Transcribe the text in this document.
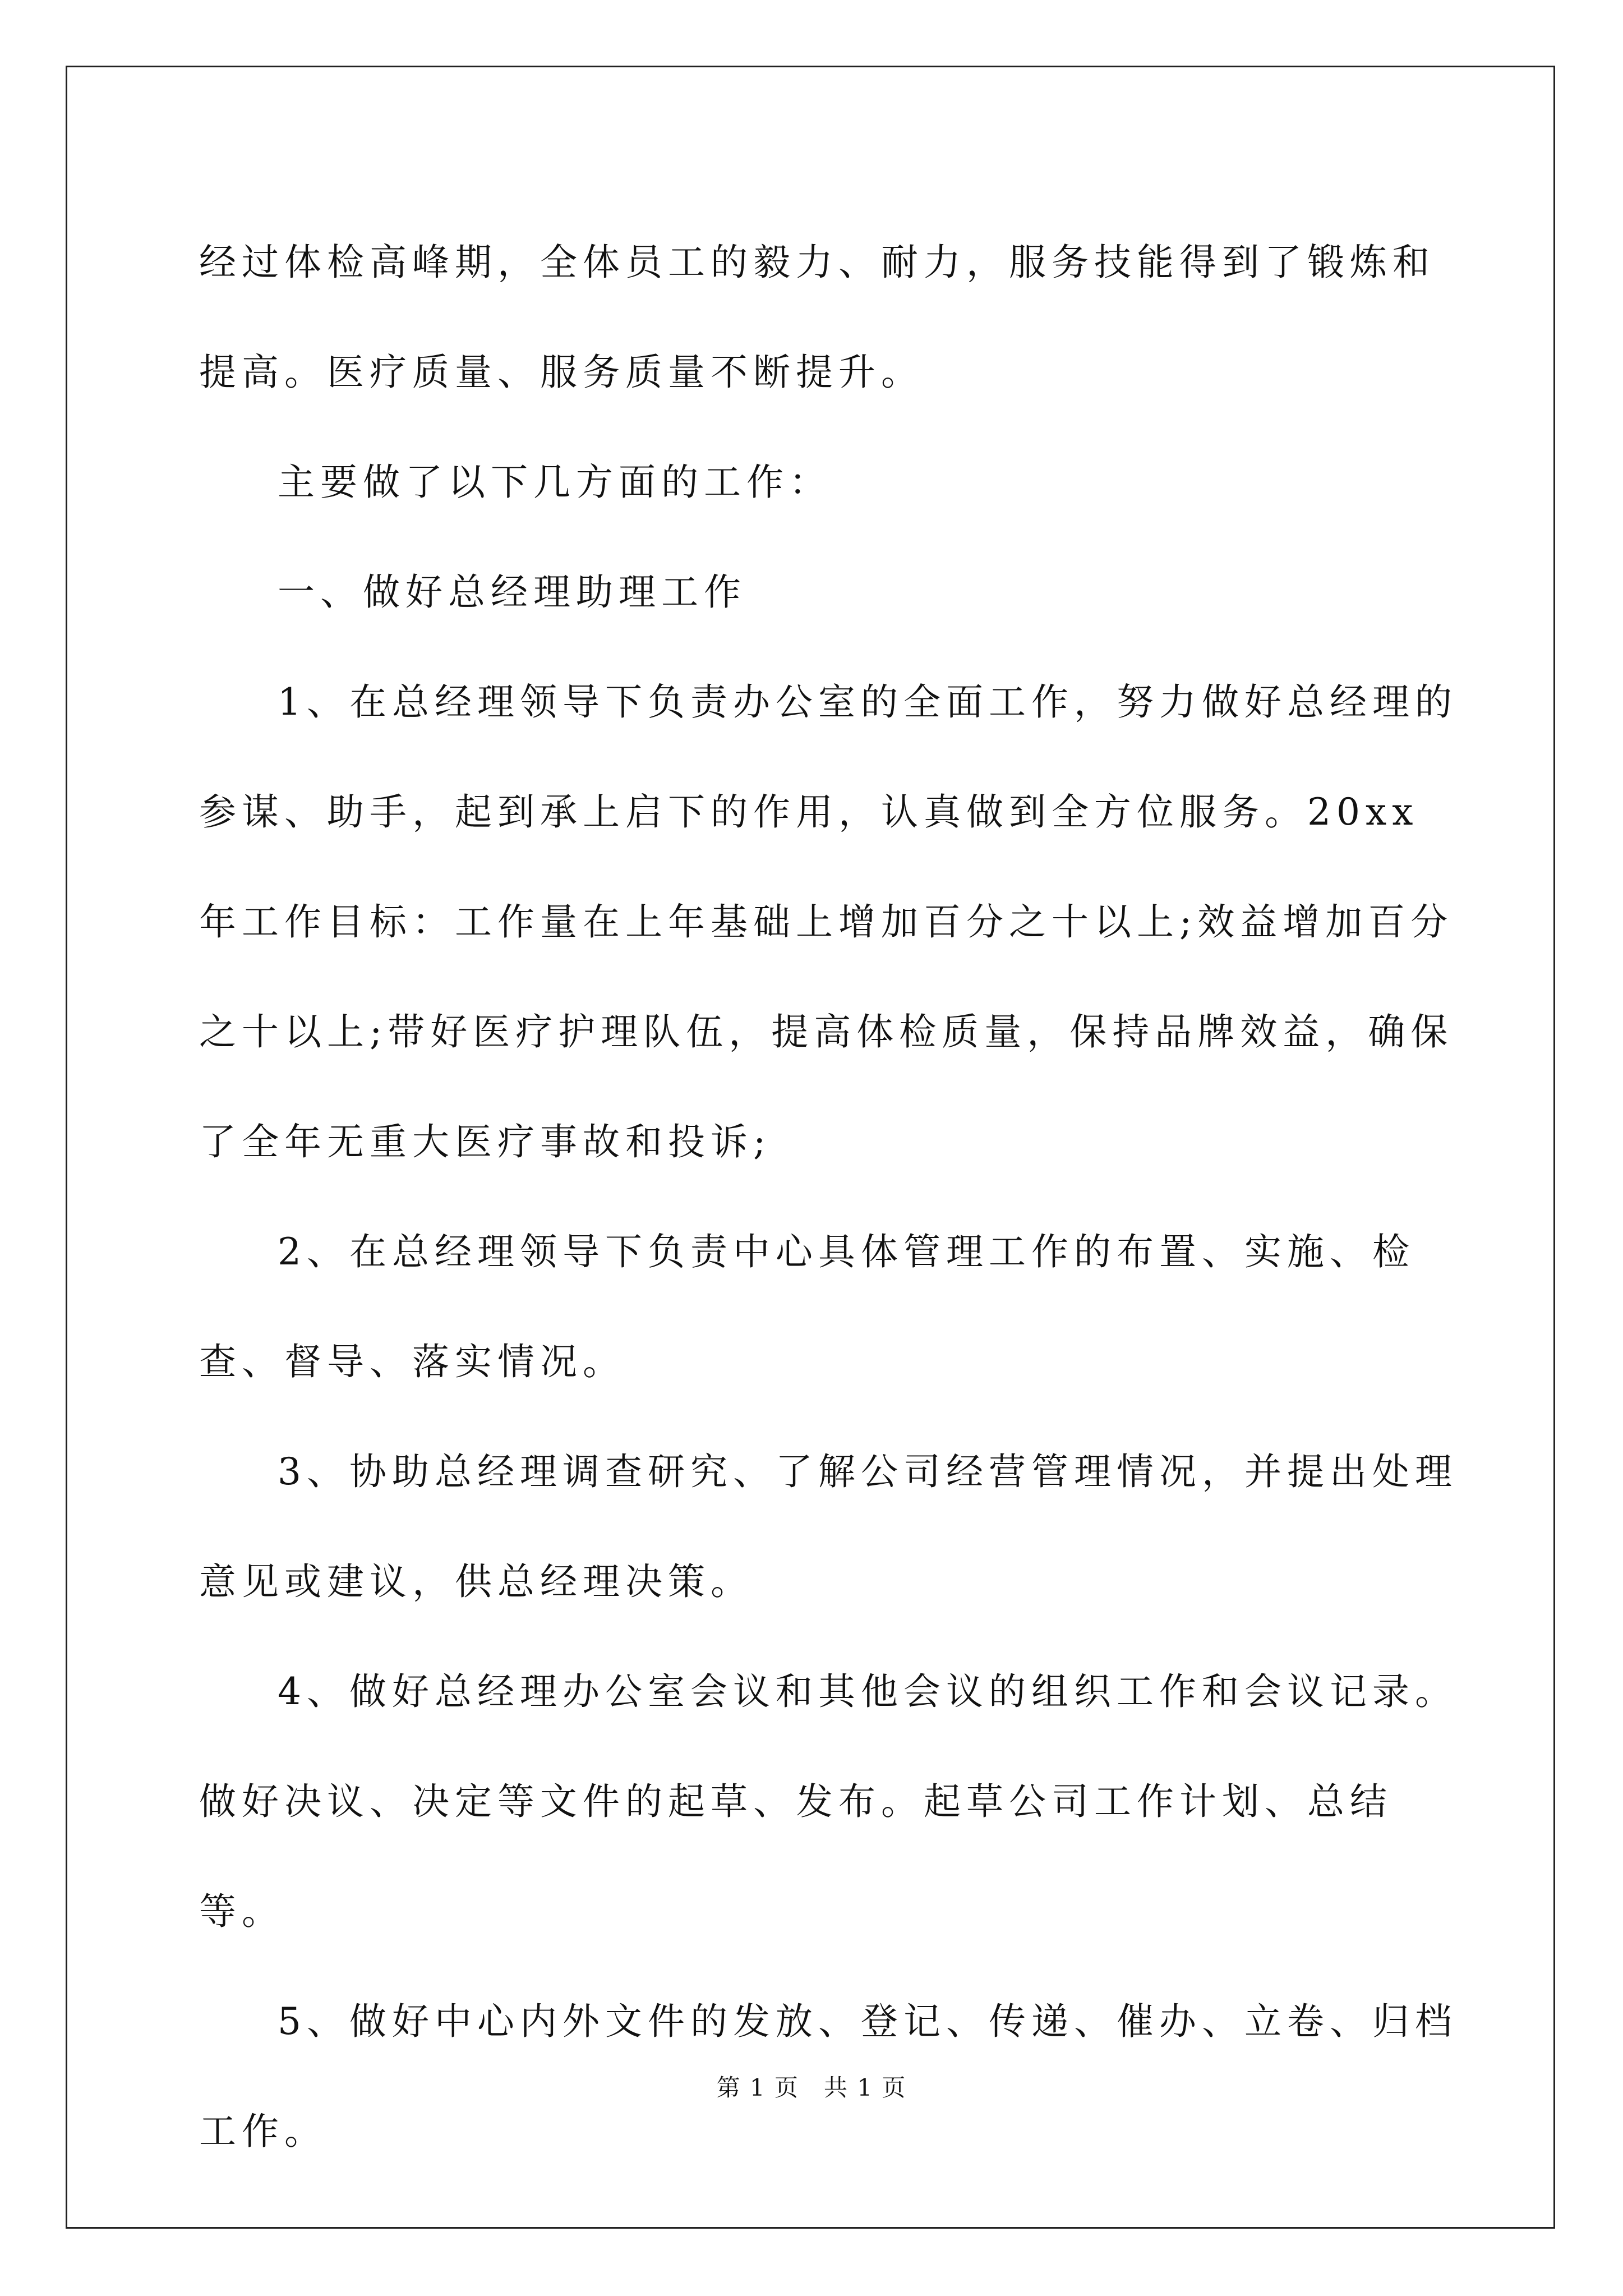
经过体检高峰期，全体员工的毅力、耐力，服务技能得到了锻炼和提高。医疗质量、服务质量不断提升。

主要做了以下几方面的工作：

一、做好总经理助理工作

1、在总经理领导下负责办公室的全面工作，努力做好总经理的参谋、助手，起到承上启下的作用，认真做到全方位服务。20xx 年工作目标：工作量在上年基础上增加百分之十以上;效益增加百分之十以上;带好医疗护理队伍，提高体检质量，保持品牌效益，确保了全年无重大医疗事故和投诉;

2、在总经理领导下负责中心具体管理工作的布置、实施、检查、督导、落实情况。

3、协助总经理调查研究、了解公司经营管理情况，并提出处理意见或建议，供总经理决策。

4、做好总经理办公室会议和其他会议的组织工作和会议记录。做好决议、决定等文件的起草、发布。起草公司工作计划、总结等。

5、做好中心内外文件的发放、登记、传递、催办、立卷、归档工作。

第 1 页　共 1 页
